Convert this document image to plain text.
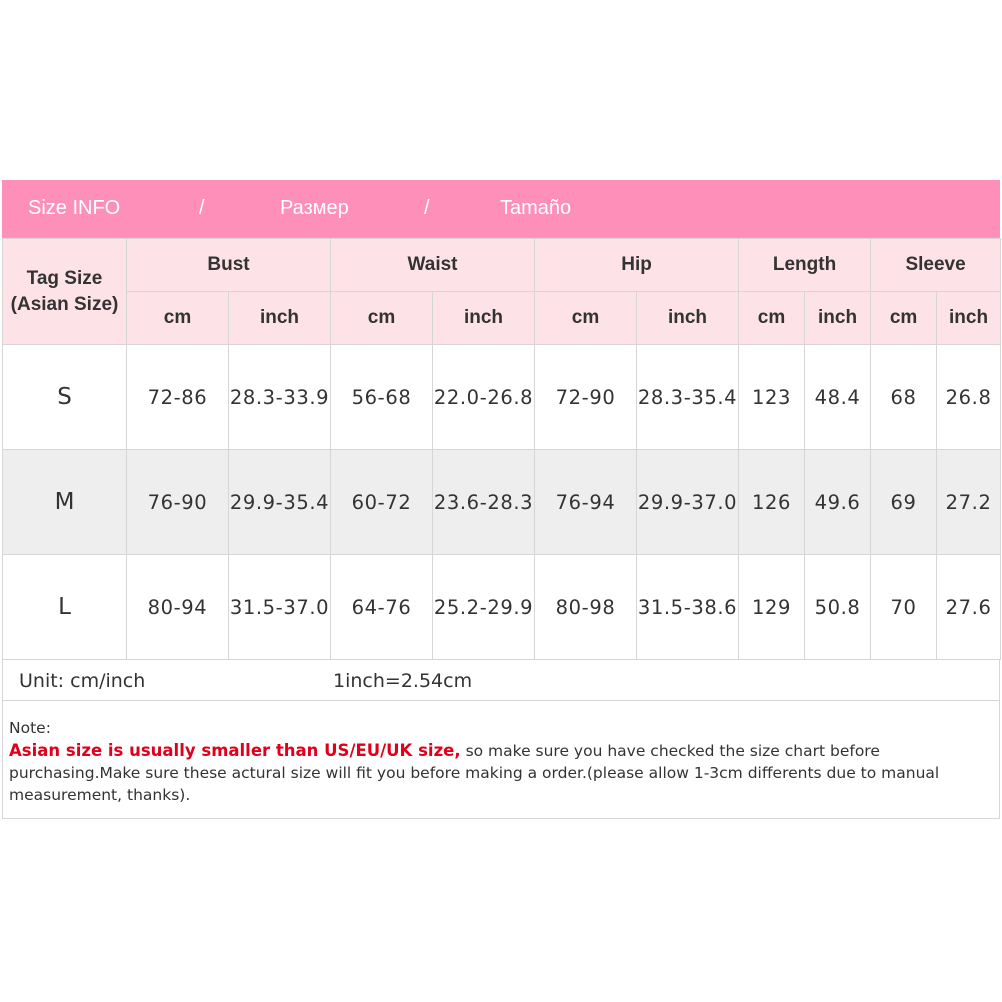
Size INFO	/	Размер	/	Tamaño
Tag Size
(Asian Size)	Bust		Waist		Hip		Length		Sleeve	
	cm	inch	cm	inch	cm	inch	cm	inch	cm	inch
S	72-86	28.3-33.9	56-68	22.0-26.8	72-90	28.3-35.4	123	48.4	68	26.8
M	76-90	29.9-35.4	60-72	23.6-28.3	76-94	29.9-37.0	126	49.6	69	27.2
L	80-94	31.5-37.0	64-76	25.2-29.9	80-98	31.5-38.6	129	50.8	70	27.6
Unit: cm/inch	1inch=2.54cm
Note:
Asian size is usually smaller than US/EU/UK size, so make sure you have checked the size chart before purchasing.Make sure these actural size will fit you before making a order.(please allow 1-3cm differents due to manual measurement, thanks).
